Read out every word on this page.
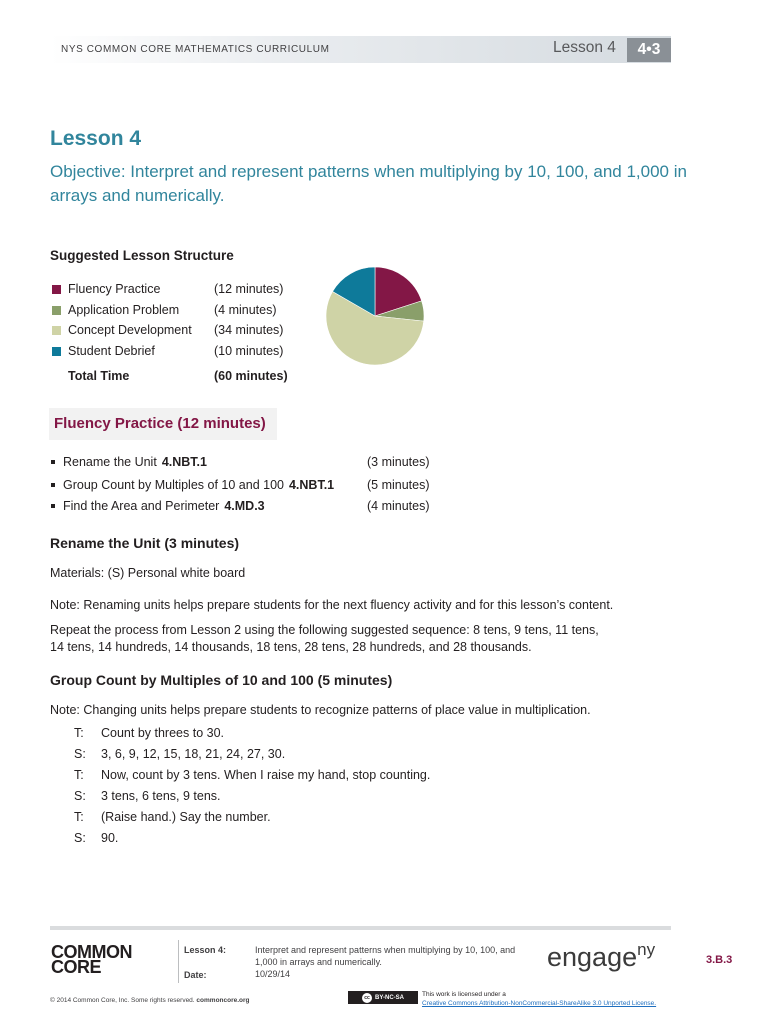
NYS COMMON CORE MATHEMATICS CURRICULUM	Lesson 4	4•3
Lesson 4
Objective: Interpret and represent patterns when multiplying by 10, 100, and 1,000 in arrays and numerically.
Suggested Lesson Structure
Fluency Practice	(12 minutes)
Application Problem	(4 minutes)
Concept Development (34 minutes)
Student Debrief	(10 minutes)
Total Time	(60 minutes)
Fluency Practice (12 minutes)
Rename the Unit 4.NBT.1	(3 minutes)
Group Count by Multiples of 10 and 100 4.NBT.1	(5 minutes)
Find the Area and Perimeter 4.MD.3	(4 minutes)
Rename the Unit (3 minutes)
Materials: (S) Personal white board
Note: Renaming units helps prepare students for the next fluency activity and for this lesson’s content.
Repeat the process from Lesson 2 using the following suggested sequence: 8 tens, 9 tens, 11 tens,
14 tens, 14 hundreds, 14 thousands, 18 tens, 28 tens, 28 hundreds, and 28 thousands.
Group Count by Multiples of 10 and 100 (5 minutes)
Note: Changing units helps prepare students to recognize patterns of place value in multiplication.
T: Count by threes to 30.
S: 3, 6, 9, 12, 15, 18, 21, 24, 27, 30.
T: Now, count by 3 tens. When I raise my hand, stop counting.
S: 3 tens, 6 tens, 9 tens.
T: (Raise hand.) Say the number.
S: 90.
COMMON
CORE
Lesson 4:
Date:
Interpret and represent patterns when multiplying by 10, 100, and
1,000 in arrays and numerically.
10/29/14
engage$^{ny}$
3.B.3
© 2014 Common Core, Inc. Some rights reserved. commoncore.org	cc BY-NC-SA	This work is licensed under a
Creative Commons Attribution-NonCommercial-ShareAlike 3.0 Unported License.
